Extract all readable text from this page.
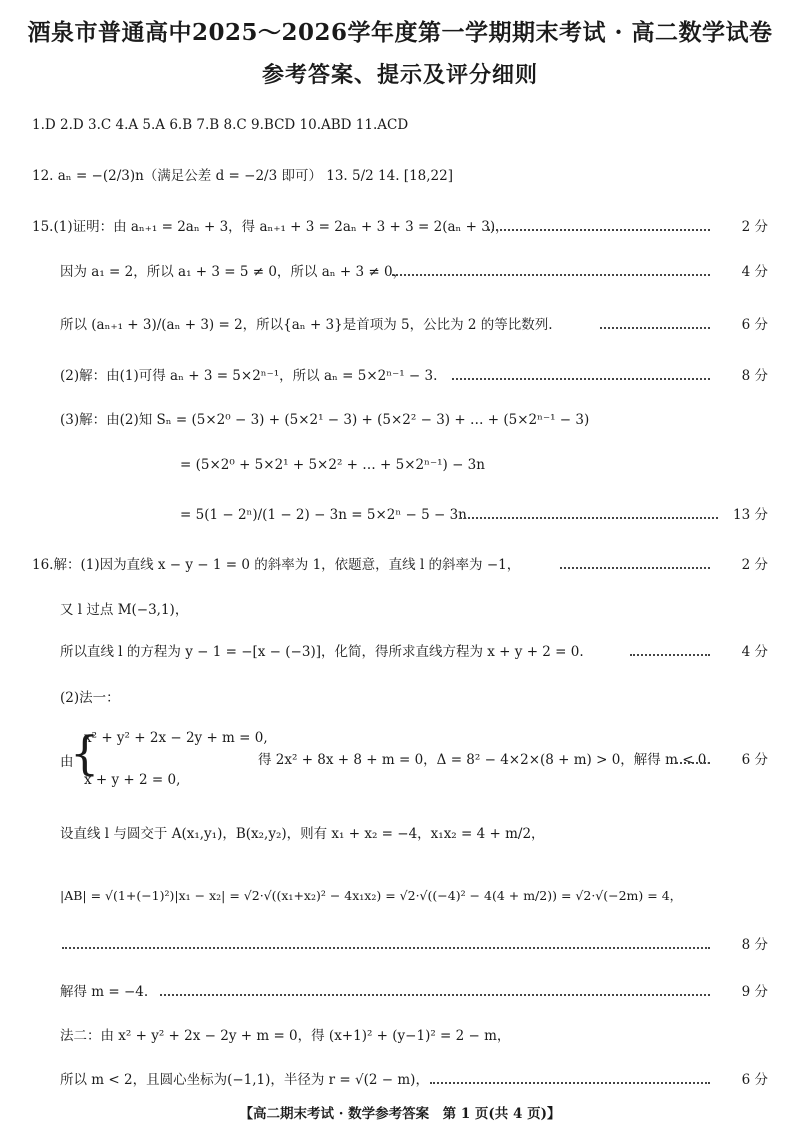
酒泉市普通高中2025～2026学年度第一学期期末考试 · 高二数学试卷
参考答案、提示及评分细则
1.D 2.D 3.C 4.A 5.A 6.B 7.B 8.C 9.BCD 10.ABD 11.ACD
12. aₙ = −(2/3)n（满足公差 d = −2/3 即可） 13. 5/2 14. [18,22]
15.(1)证明：由 aₙ₊₁ = 2aₙ + 3，得 aₙ₊₁ + 3 = 2aₙ + 3 + 3 = 2(aₙ + 3)，	2 分
因为 a₁ = 2，所以 a₁ + 3 = 5 ≠ 0，所以 aₙ + 3 ≠ 0，	4 分
所以 (aₙ₊₁ + 3)/(aₙ + 3) = 2，所以{aₙ + 3}是首项为 5，公比为 2 的等比数列.	6 分
(2)解：由(1)可得 aₙ + 3 = 5×2ⁿ⁻¹，所以 aₙ = 5×2ⁿ⁻¹ − 3.	8 分
(3)解：由(2)知 Sₙ = (5×2⁰ − 3) + (5×2¹ − 3) + (5×2² − 3) + … + (5×2ⁿ⁻¹ − 3)
= (5×2⁰ + 5×2¹ + 5×2² + … + 5×2ⁿ⁻¹) − 3n
= 5(1 − 2ⁿ)/(1 − 2) − 3n = 5×2ⁿ − 5 − 3n.	13 分
16.解：(1)因为直线 x − y − 1 = 0 的斜率为 1，依题意，直线 l 的斜率为 −1，	2 分
又 l 过点 M(−3,1)，
所以直线 l 的方程为 y − 1 = −[x − (−3)]，化简，得所求直线方程为 x + y + 2 = 0.	4 分
(2)法一：
由
{
x² + y² + 2x − 2y + m = 0,
x + y + 2 = 0,
得 2x² + 8x + 8 + m = 0，Δ = 8² − 4×2×(8 + m) > 0，解得 m < 0. 6 分
设直线 l 与圆交于 A(x₁,y₁)，B(x₂,y₂)，则有 x₁ + x₂ = −4，x₁x₂ = 4 + m/2，
|AB| = √(1+(−1)²)|x₁ − x₂| = √2·√((x₁+x₂)² − 4x₁x₂) = √2·√((−4)² − 4(4 + m/2)) = √2·√(−2m) = 4，
8 分
解得 m = −4.	9 分
法二：由 x² + y² + 2x − 2y + m = 0，得 (x+1)² + (y−1)² = 2 − m，
所以 m < 2，且圆心坐标为(−1,1)，半径为 r = √(2 − m)，	6 分
【高二期末考试 · 数学参考答案　第 1 页(共 4 页)】
